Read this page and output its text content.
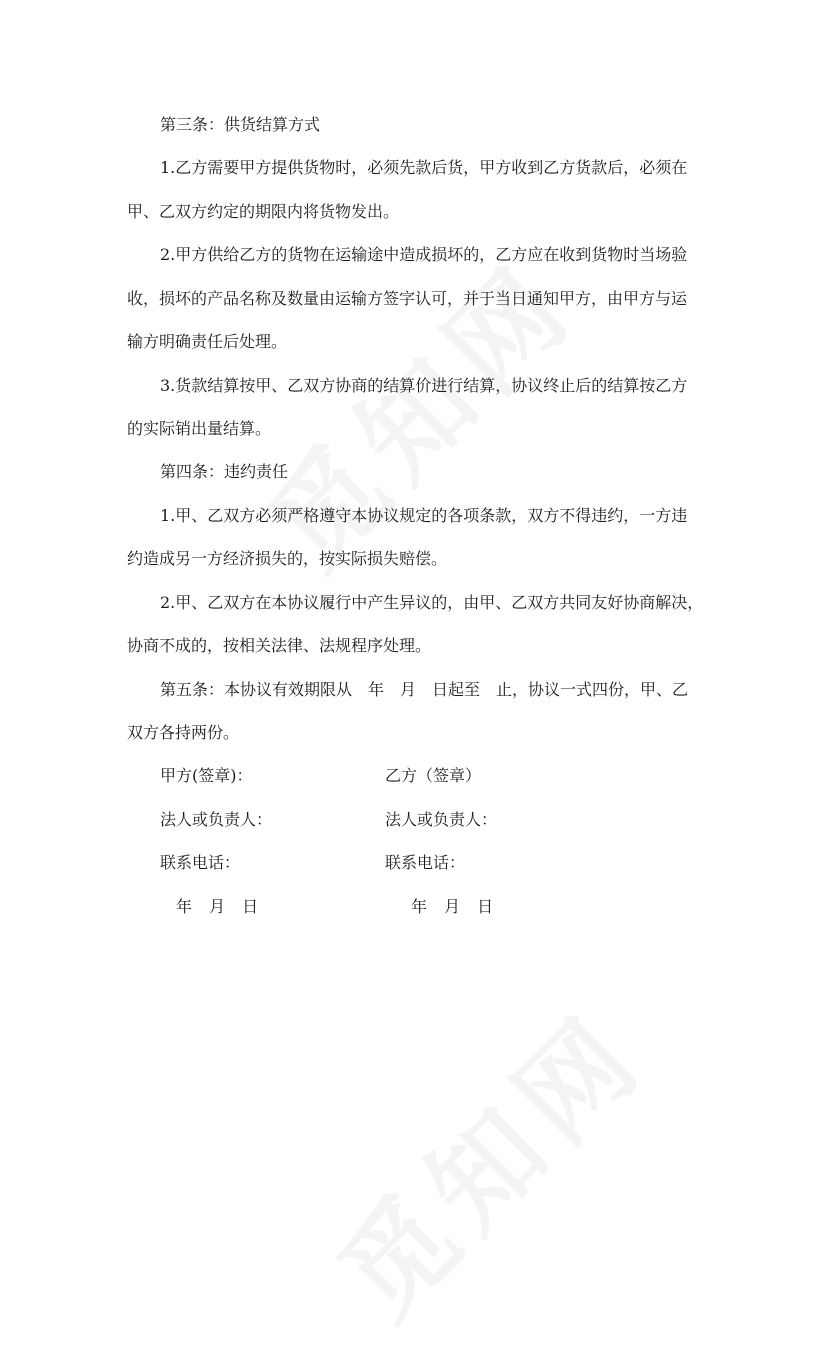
第三条：供货结算方式
1.乙方需要甲方提供货物时，必须先款后货，甲方收到乙方货款后，必须在
甲、乙双方约定的期限内将货物发出。
2.甲方供给乙方的货物在运输途中造成损坏的，乙方应在收到货物时当场验
收，损坏的产品名称及数量由运输方签字认可，并于当日通知甲方，由甲方与运
输方明确责任后处理。
3.货款结算按甲、乙双方协商的结算价进行结算，协议终止后的结算按乙方
的实际销出量结算。
第四条：违约责任
1.甲、乙双方必须严格遵守本协议规定的各项条款，双方不得违约，一方违
约造成另一方经济损失的，按实际损失赔偿。
2.甲、乙双方在本协议履行中产生异议的，由甲、乙双方共同友好协商解决，
协商不成的，按相关法律、法规程序处理。
第五条：本协议有效期限从　年　月　日起至　止，协议一式四份，甲、乙
双方各持两份。
甲方(签章)：	乙方（签章）
法人或负责人：	法人或负责人：
联系电话：	联系电话：
年 月 日	年 月 日
